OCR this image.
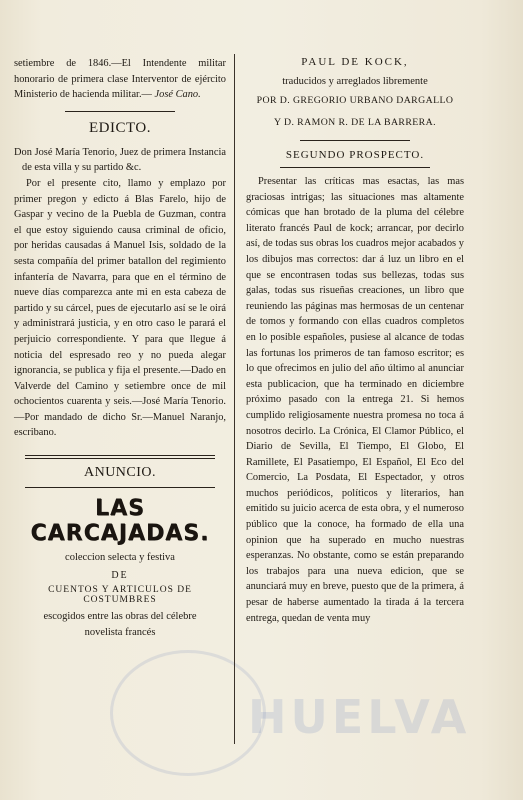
setiembre de 1846.—El Intendente militar honorario de primera clase Interventor de ejército Ministerio de hacienda militar.— José Cano.

EDICTO.

Don José María Tenorio, Juez de primera Instancia de esta villa y su partido &c.

Por el presente cito, llamo y emplazo por primer pregon y edicto á Blas Farelo, hijo de Gaspar y vecino de la Puebla de Guzman, contra el que estoy siguiendo causa criminal de oficio, por heridas causadas á Manuel Isis, soldado de la sesta compañía del primer batallon del regimiento infantería de Navarra, para que en el término de nueve días comparezca ante mi en esta cabeza de partido y su cárcel, pues de ejecutarlo así se le oirá y administrará justicia, y en otro caso le parará el perjuicio correspondiente. Y para que llegue á noticia del espresado reo y no pueda alegar ignorancia, se publica y fija el presente.—Dado en Valverde del Camino y setiembre once de mil ochocientos cuarenta y seis.—José María Tenorio.—Por mandado de dicho Sr.—Manuel Naranjo, escribano.

ANUNCIO.
LAS CARCAJADAS.

coleccion selecta y festiva

DE

CUENTOS Y ARTICULOS DE COSTUMBRES

escogidos entre las obras del célebre

novelista francés

PAUL DE KOCK,

traducidos y arreglados libremente

POR D. GREGORIO URBANO DARGALLO

Y D. RAMON R. DE LA BARRERA.

SEGUNDO PROSPECTO.

Presentar las críticas mas esactas, las mas graciosas intrigas; las situaciones mas altamente cómicas que han brotado de la pluma del célebre literato francés Paul de kock; arrancar, por decirlo así, de todas sus obras los cuadros mejor acabados y los dibujos mas correctos: dar á luz un libro en el que se encontrasen todas sus bellezas, todas sus galas, todas sus risueñas creaciones, un libro que reuniendo las páginas mas hermosas de un centenar de tomos y formando con ellas cuadros completos en lo posible españoles, pusiese al alcance de todas las fortunas los primeros de tan famoso escritor; es lo que ofrecimos en julio del año último al anunciar esta publicacion, que ha terminado en diciembre próximo pasado con la entrega 21. Si hemos cumplido religiosamente nuestra promesa no toca á nosotros decirlo. La Crónica, El Clamor Público, el Diario de Sevilla, El Tiempo, El Globo, El Ramillete, El Pasatiempo, El Español, El Eco del Comercio, La Posdata, El Espectador, y otros muchos periódicos, políticos y literarios, han emitido su juicio acerca de esta obra, y el numeroso público que la conoce, ha formado de ella una opinion que ha superado en mucho nuestras esperanzas. No obstante, como se están preparando los trabajos para una nueva edicion, que se anunciará muy en breve, puesto que de la primera, á pesar de haberse aumentado la tirada á la tercera entrega, quedan de venta muy

HUELVA
